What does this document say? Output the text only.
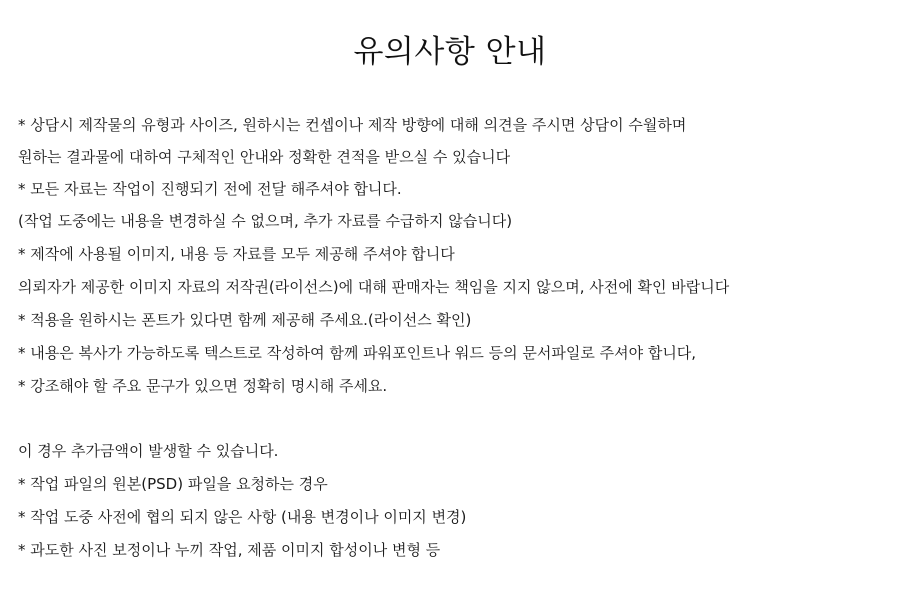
유의사항 안내
* 상담시 제작물의 유형과 사이즈, 원하시는 컨셉이나 제작 방향에 대해 의견을 주시면 상담이 수월하며
원하는 결과물에 대하여 구체적인 안내와 정확한 견적을 받으실 수 있습니다
* 모든 자료는 작업이 진행되기 전에 전달 해주셔야 합니다.
(작업 도중에는 내용을 변경하실 수 없으며, 추가 자료를 수급하지 않습니다)
* 제작에 사용될 이미지, 내용 등 자료를 모두 제공해 주셔야 합니다
의뢰자가 제공한 이미지 자료의 저작권(라이선스)에 대해 판매자는 책임을 지지 않으며, 사전에 확인 바랍니다
* 적용을 원하시는 폰트가 있다면 함께 제공해 주세요.(라이선스 확인)
* 내용은 복사가 가능하도록 텍스트로 작성하여 함께 파워포인트나 워드 등의 문서파일로 주셔야 합니다,
* 강조해야 할 주요 문구가 있으면 정확히 명시해 주세요.
이 경우 추가금액이 발생할 수 있습니다.
* 작업 파일의 원본(PSD) 파일을 요청하는 경우
* 작업 도중 사전에 협의 되지 않은 사항 (내용 변경이나 이미지 변경)
* 과도한 사진 보정이나 누끼 작업, 제품 이미지 합성이나 변형 등
